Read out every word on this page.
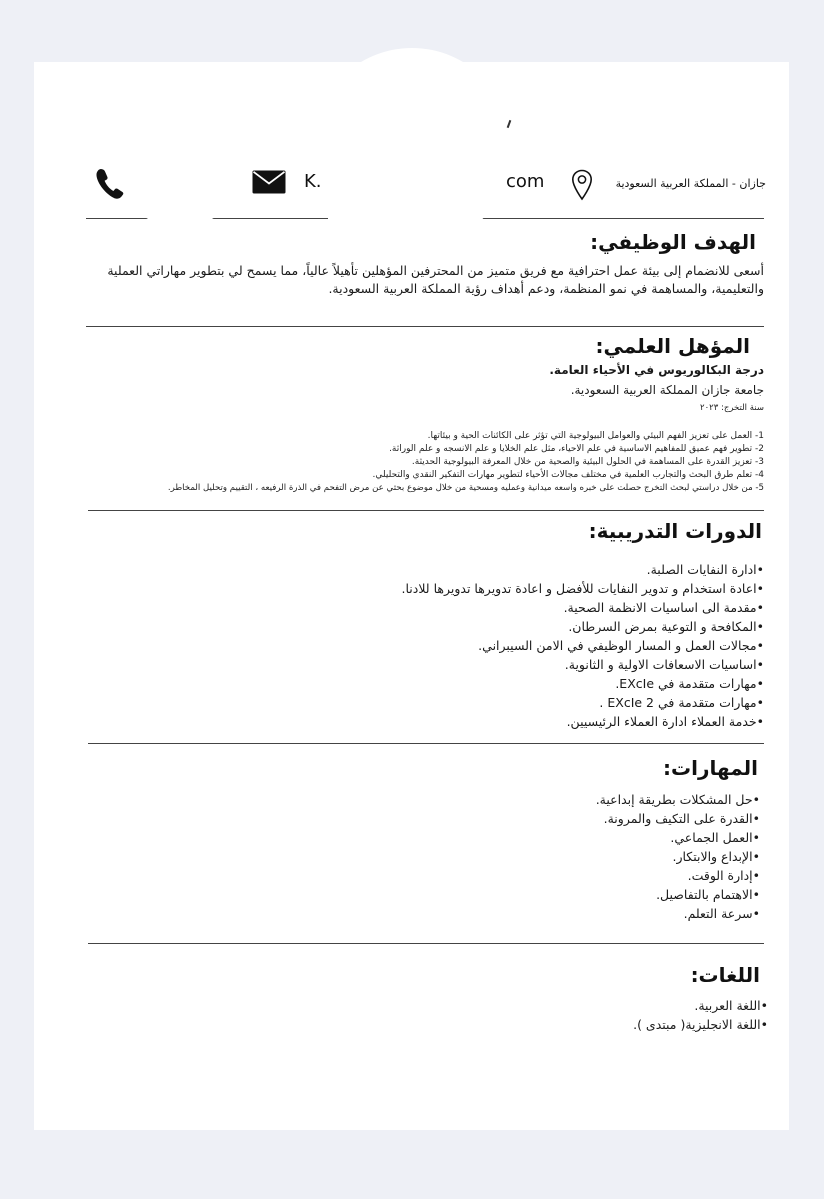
K.	com	جازان - المملكة العربية السعودية
الهدف الوظيفي:
أسعى للانضمام إلى بيئة عمل احترافية مع فريق متميز من المحترفين المؤهلين تأهيلاً عالياً، مما يسمح لي بتطوير مهاراتي العملية
والتعليمية، والمساهمة في نمو المنظمة، ودعم أهداف رؤية المملكة العربية السعودية.
المؤهل العلمي:
درجة البكالوريوس في الأحياء العامة.
جامعة جازان المملكة العربية السعودية.
سنة التخرج: ٢٠٢٣
1- العمل على تعزيز الفهم البيئي والعوامل البيولوجية التي تؤثر على الكائنات الحية و بيئاتها.
2- تطوير فهم عميق للمفاهيم الاساسية في علم الاحياء، مثل علم الخلايا و علم الانسجه و علم الوراثة.
3- تعزيز القدرة على المساهمة في الحلول البيئية والصحية من خلال المعرفة البيولوجية الحديثة.
4- تعلم طرق البحث والتجارب العلمية في مختلف مجالات الأحياء لتطوير مهارات التفكير النقدي والتحليلي.
5- من خلال دراستي لبحث التخرج حصلت على خبره واسعه ميدانية وعمليه ومسحية من خلال موضوع بحثي عن مرض التفحم في الذرة الرفيعه ، التقييم وتحليل المخاطر.
الدورات التدريبية:
•ادارة النفايات الصلبة.
•اعادة استخدام و تدوير النفايات للأفضل و اعادة تدويرها تدويرها للادنا.
•مقدمة الى اساسيات الانظمة الصحية.
•المكافحة و التوعية بمرض السرطان.
•مجالات العمل و المسار الوظيفي في الامن السيبراني.
•اساسيات الاسعافات الاولية و الثانوية.
•مهارات متقدمة في EXcIe.
•مهارات متقدمة في EXcIe 2 .
•خدمة العملاء ادارة العملاء الرئيسيين.
المهارات:
•حل المشكلات بطريقة إبداعية.
•القدرة على التكيف والمرونة.
•العمل الجماعي.
•الإبداع والابتكار.
•إدارة الوقت.
•الاهتمام بالتفاصيل.
•سرعة التعلم.
اللغات:
•اللغة العربية.
•اللغة الانجليزية( مبتدى ).
